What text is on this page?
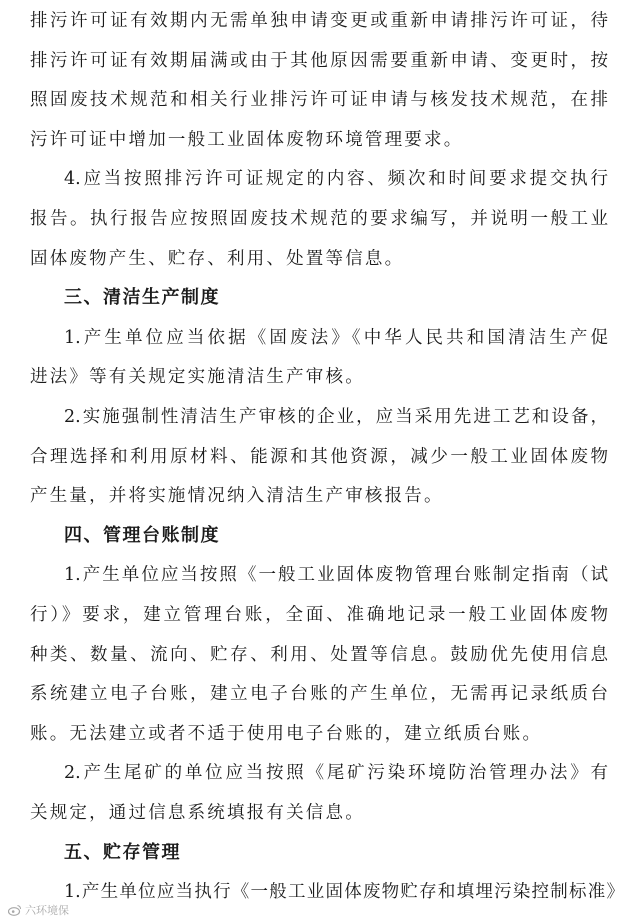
排污许可证有效期内无需单独申请变更或重新申请排污许可证，待
排污许可证有效期届满或由于其他原因需要重新申请、变更时，按
照固废技术规范和相关行业排污许可证申请与核发技术规范，在排
污许可证中增加一般工业固体废物环境管理要求。
4.应当按照排污许可证规定的内容、频次和时间要求提交执行
报告。执行报告应按照固废技术规范的要求编写，并说明一般工业
固体废物产生、贮存、利用、处置等信息。
三、清洁生产制度
1.产生单位应当依据《固废法》《中华人民共和国清洁生产促
进法》等有关规定实施清洁生产审核。
2.实施强制性清洁生产审核的企业，应当采用先进工艺和设备，
合理选择和利用原材料、能源和其他资源，减少一般工业固体废物
产生量，并将实施情况纳入清洁生产审核报告。
四、管理台账制度
1.产生单位应当按照《一般工业固体废物管理台账制定指南（试
行）》要求，建立管理台账，全面、准确地记录一般工业固体废物
种类、数量、流向、贮存、利用、处置等信息。鼓励优先使用信息
系统建立电子台账，建立电子台账的产生单位，无需再记录纸质台
账。无法建立或者不适于使用电子台账的，建立纸质台账。
2.产生尾矿的单位应当按照《尾矿污染环境防治管理办法》有
关规定，通过信息系统填报有关信息。
五、贮存管理
1.产生单位应当执行《一般工业固体废物贮存和填埋污染控制标准》
六环境保
